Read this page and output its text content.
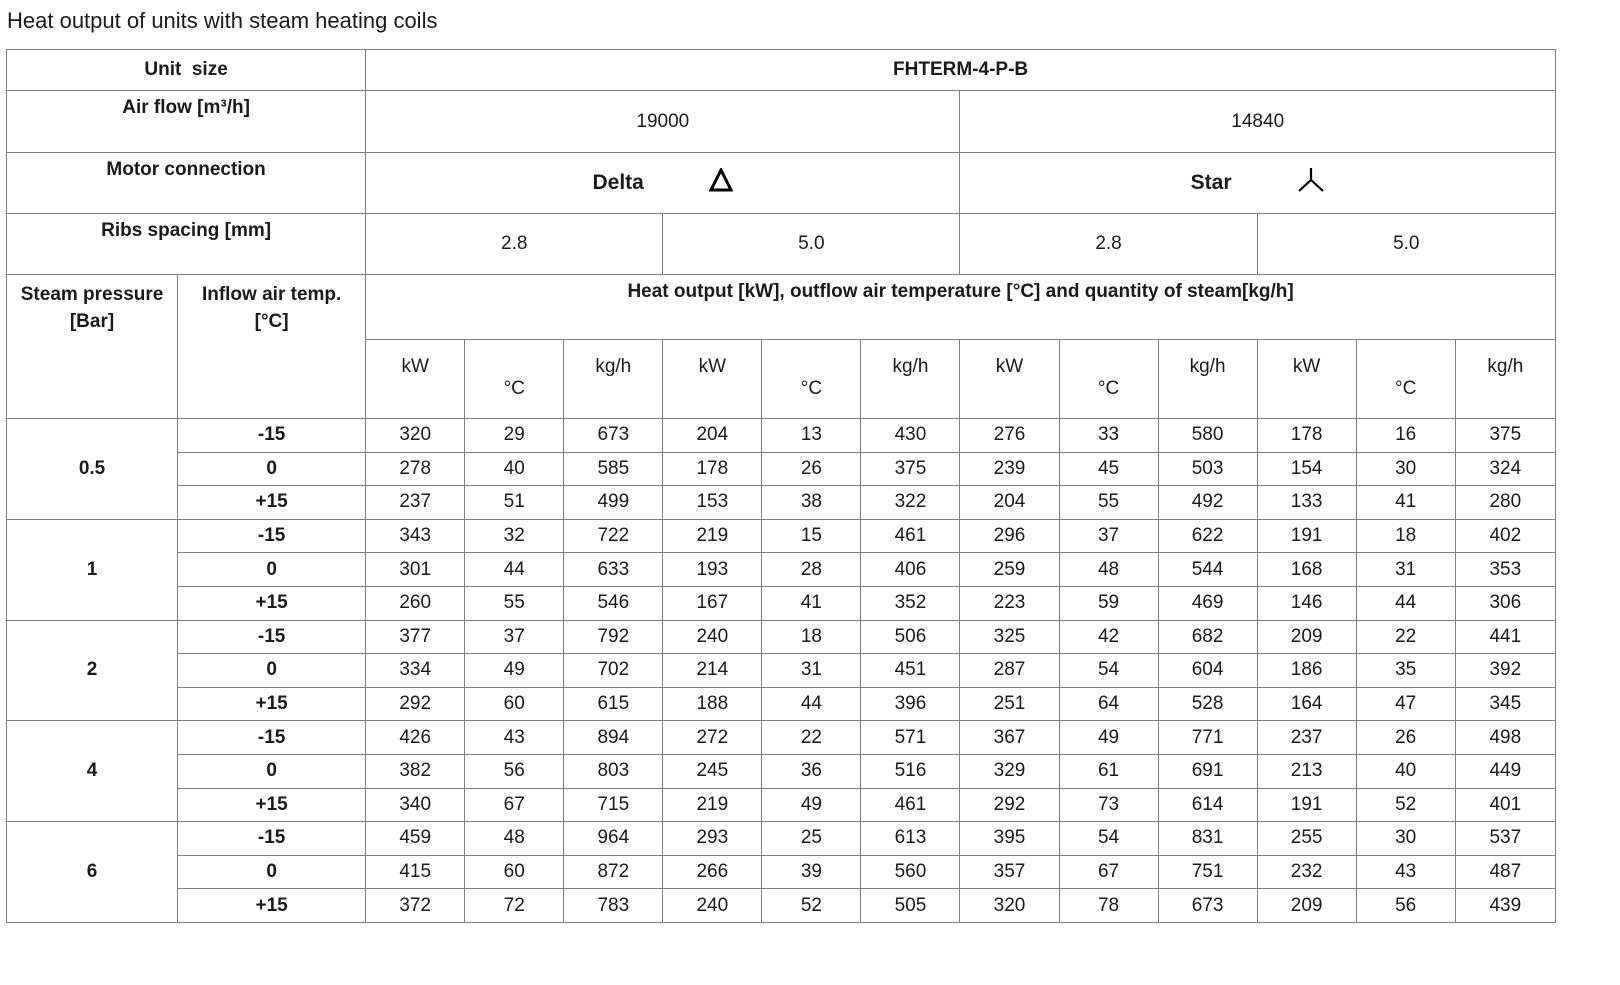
Heat output of units with steam heating coils
Unit  size		FHTERM-4-P-B											
Air flow [m³/h]		19000						14840					
Motor connection		Delta						Star					
Ribs spacing [mm]		2.8			5.0			2.8			5.0		
Steam pressure [Bar]	Inflow air temp. [°C]	Heat output [kW], outflow air temperature [°C] and quantity of steam[kg/h]											
		kW	°C	kg/h	kW	°C	kg/h	kW	°C	kg/h	kW	°C	kg/h
0.5	-15	320	29	673	204	13	430	276	33	580	178	16	375
	0	278	40	585	178	26	375	239	45	503	154	30	324
	+15	237	51	499	153	38	322	204	55	492	133	41	280
1	-15	343	32	722	219	15	461	296	37	622	191	18	402
	0	301	44	633	193	28	406	259	48	544	168	31	353
	+15	260	55	546	167	41	352	223	59	469	146	44	306
2	-15	377	37	792	240	18	506	325	42	682	209	22	441
	0	334	49	702	214	31	451	287	54	604	186	35	392
	+15	292	60	615	188	44	396	251	64	528	164	47	345
4	-15	426	43	894	272	22	571	367	49	771	237	26	498
	0	382	56	803	245	36	516	329	61	691	213	40	449
	+15	340	67	715	219	49	461	292	73	614	191	52	401
6	-15	459	48	964	293	25	613	395	54	831	255	30	537
	0	415	60	872	266	39	560	357	67	751	232	43	487
	+15	372	72	783	240	52	505	320	78	673	209	56	439
